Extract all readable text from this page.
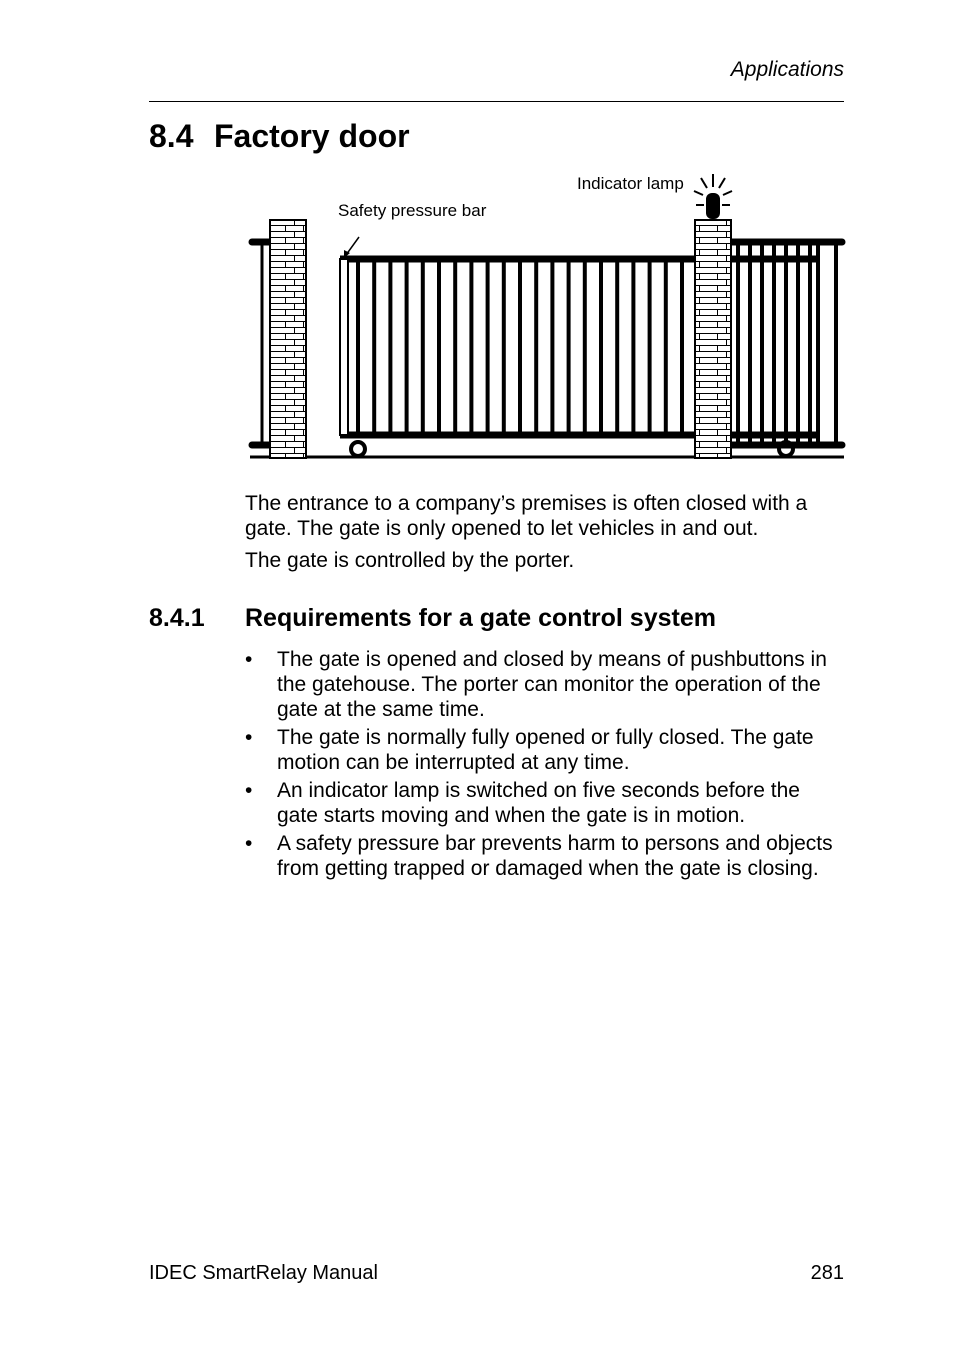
Applications
8.4 Factory door
Indicator lamp
Safety pressure bar

The entrance to a company’s premises is often closed with a gate. The gate is only opened to let vehicles in and out.

The gate is controlled by the porter.

8.4.1 Requirements for a gate control system
• The gate is opened and closed by means of pushbuttons in the gatehouse. The porter can monitor the operation of the gate at the same time.
• The gate is normally fully opened or fully closed. The gate motion can be interrupted at any time.
• An indicator lamp is switched on five seconds before the gate starts moving and when the gate is in motion.
• A safety pressure bar prevents harm to persons and objects from getting trapped or damaged when the gate is closing.
IDEC SmartRelay Manual	281
